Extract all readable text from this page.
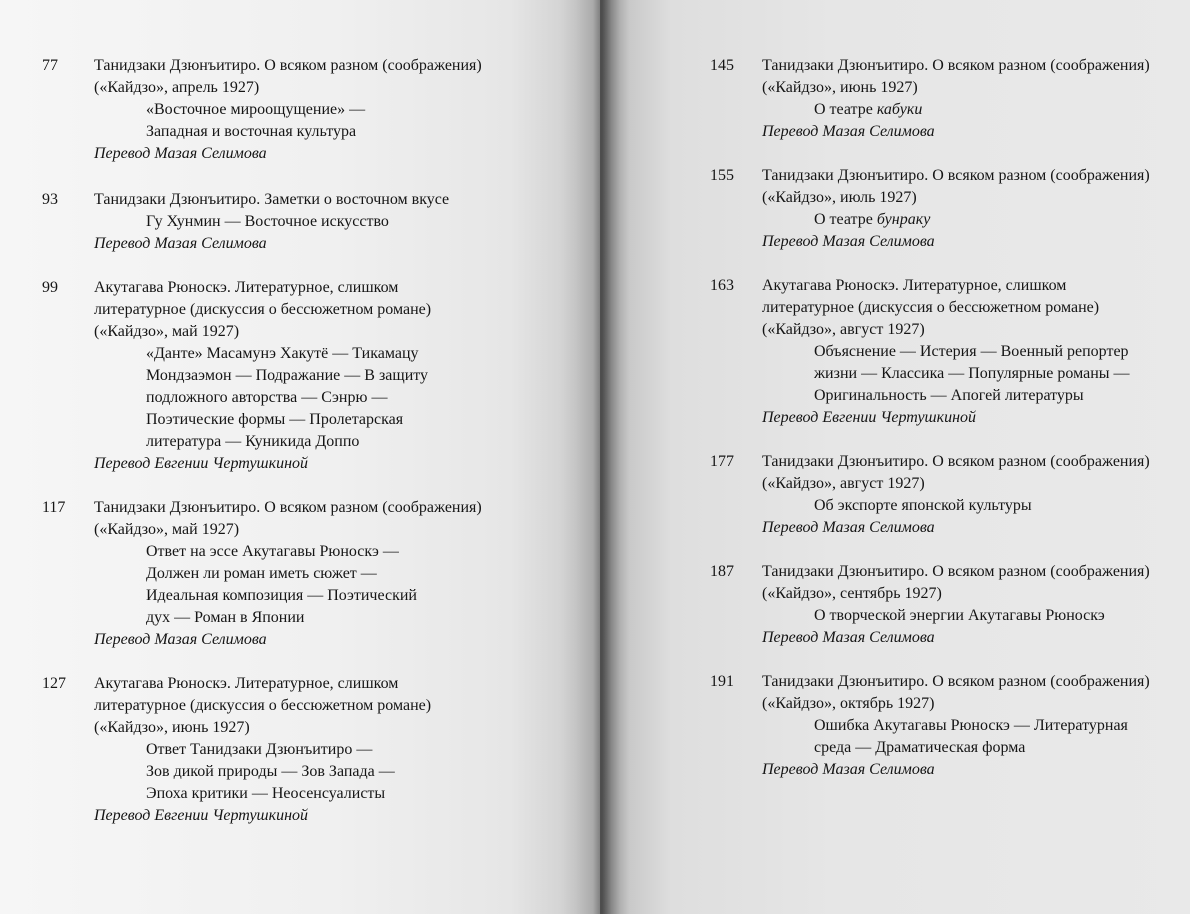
77 Танидзаки Дзюнъитиро. О всяком разном (соображения)
(«Кайдзо», апрель 1927)
«Восточное мироощущение» —
Западная и восточная культура
Перевод Мазая Селимова
93 Танидзаки Дзюнъитиро. Заметки о восточном вкусе
Гу Хунмин — Восточное искусство
Перевод Мазая Селимова
99 Акутагава Рюноскэ. Литературное, слишком
литературное (дискуссия о бессюжетном романе)
(«Кайдзо», май 1927)
«Данте» Масамунэ Хакутё — Тикамацу
Мондзаэмон — Подражание — В защиту
подложного авторства — Сэнрю —
Поэтические формы — Пролетарская
литература — Куникида Доппо
Перевод Евгении Чертушкиной
117 Танидзаки Дзюнъитиро. О всяком разном (соображения)
(«Кайдзо», май 1927)
Ответ на эссе Акутагавы Рюноскэ —
Должен ли роман иметь сюжет —
Идеальная композиция — Поэтический
дух — Роман в Японии
Перевод Мазая Селимова
127 Акутагава Рюноскэ. Литературное, слишком
литературное (дискуссия о бессюжетном романе)
(«Кайдзо», июнь 1927)
Ответ Танидзаки Дзюнъитиро —
Зов дикой природы — Зов Запада —
Эпоха критики — Неосенсуалисты
Перевод Евгении Чертушкиной
145 Танидзаки Дзюнъитиро. О всяком разном (соображения)
(«Кайдзо», июнь 1927)
О театре кабуки
Перевод Мазая Селимова
155 Танидзаки Дзюнъитиро. О всяком разном (соображения)
(«Кайдзо», июль 1927)
О театре бунраку
Перевод Мазая Селимова
163 Акутагава Рюноскэ. Литературное, слишком
литературное (дискуссия о бессюжетном романе)
(«Кайдзо», август 1927)
Объяснение — Истерия — Военный репортер
жизни — Классика — Популярные романы —
Оригинальность — Апогей литературы
Перевод Евгении Чертушкиной
177 Танидзаки Дзюнъитиро. О всяком разном (соображения)
(«Кайдзо», август 1927)
Об экспорте японской культуры
Перевод Мазая Селимова
187 Танидзаки Дзюнъитиро. О всяком разном (соображения)
(«Кайдзо», сентябрь 1927)
О творческой энергии Акутагавы Рюноскэ
Перевод Мазая Селимова
191 Танидзаки Дзюнъитиро. О всяком разном (соображения)
(«Кайдзо», октябрь 1927)
Ошибка Акутагавы Рюноскэ — Литературная
среда — Драматическая форма
Перевод Мазая Селимова
